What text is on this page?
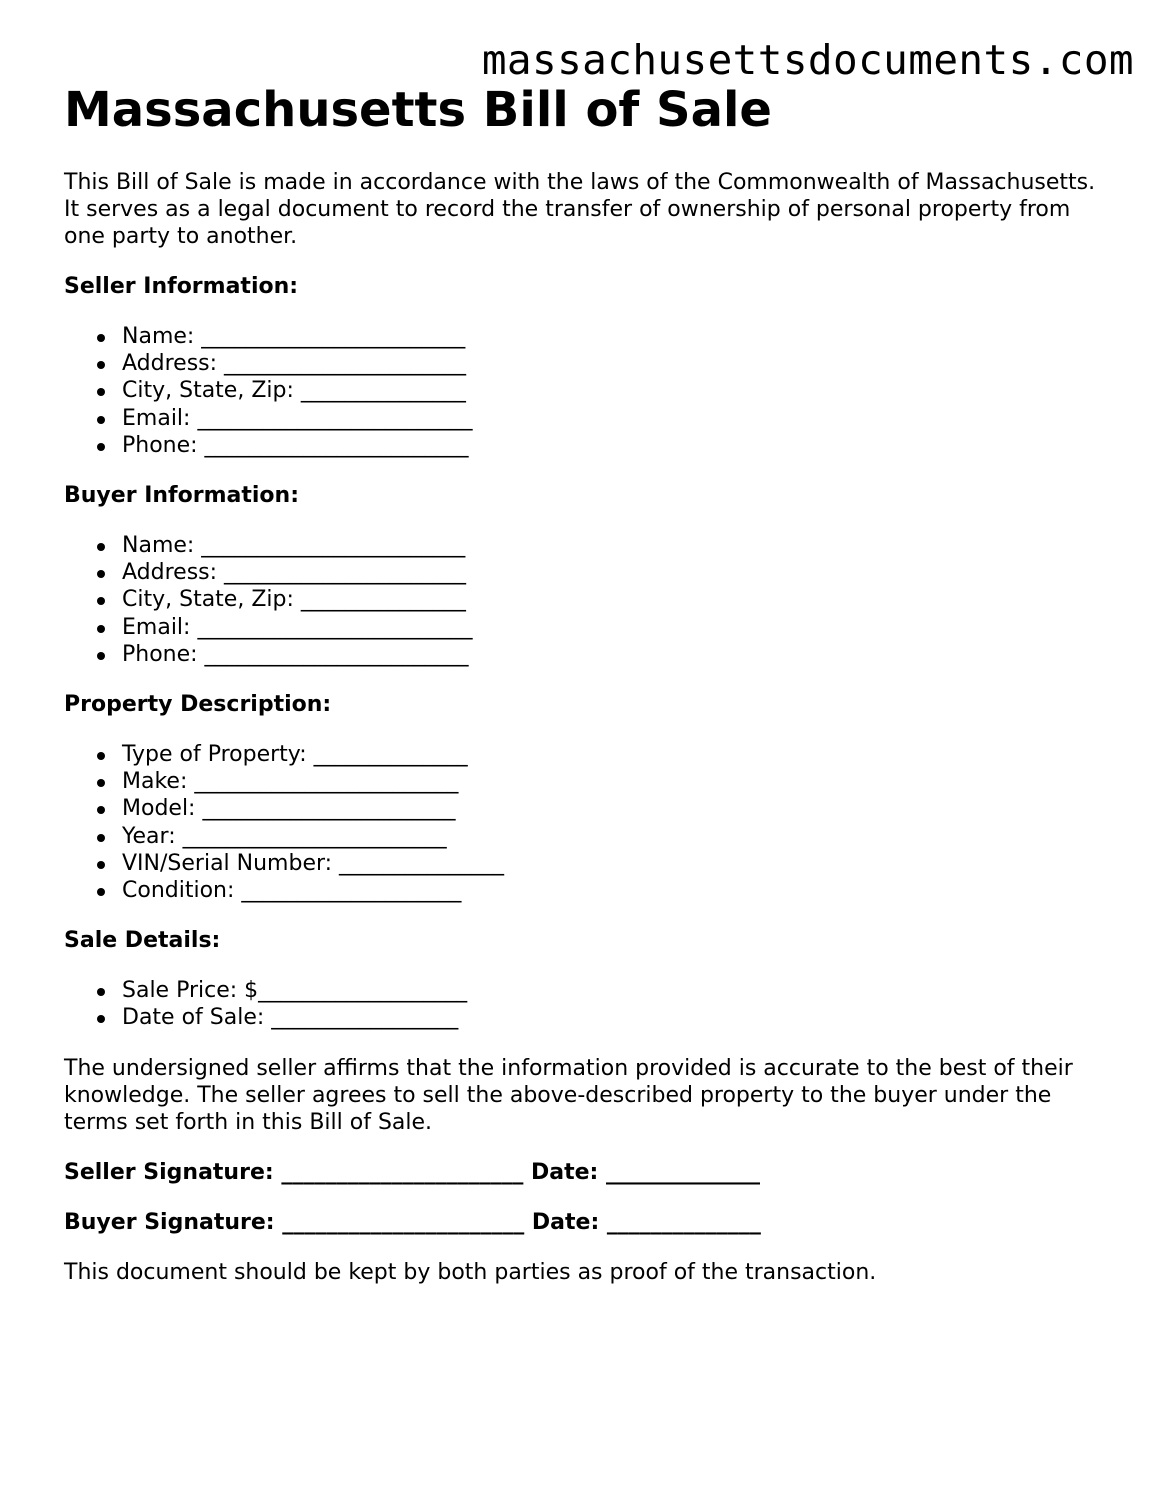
massachusettsdocuments.com
Massachusetts Bill of Sale

This Bill of Sale is made in accordance with the laws of the Commonwealth of Massachusetts. It serves as a legal document to record the transfer of ownership of personal property from one party to another.

Seller Information:
Name: ________________________
Address: ______________________
City, State, Zip: _______________
Email: _________________________
Phone: ________________________
Buyer Information:
Name: ________________________
Address: ______________________
City, State, Zip: _______________
Email: _________________________
Phone: ________________________
Property Description:
Type of Property: ______________
Make: ________________________
Model: _______________________
Year: ________________________
VIN/Serial Number: _______________
Condition: ____________________
Sale Details:
Sale Price: $___________________
Date of Sale: _________________

The undersigned seller affirms that the information provided is accurate to the best of their knowledge. The seller agrees to sell the above-described property to the buyer under the terms set forth in this Bill of Sale.

Seller Signature: ______________________ Date: ______________
Buyer Signature: ______________________ Date: ______________

This document should be kept by both parties as proof of the transaction.
